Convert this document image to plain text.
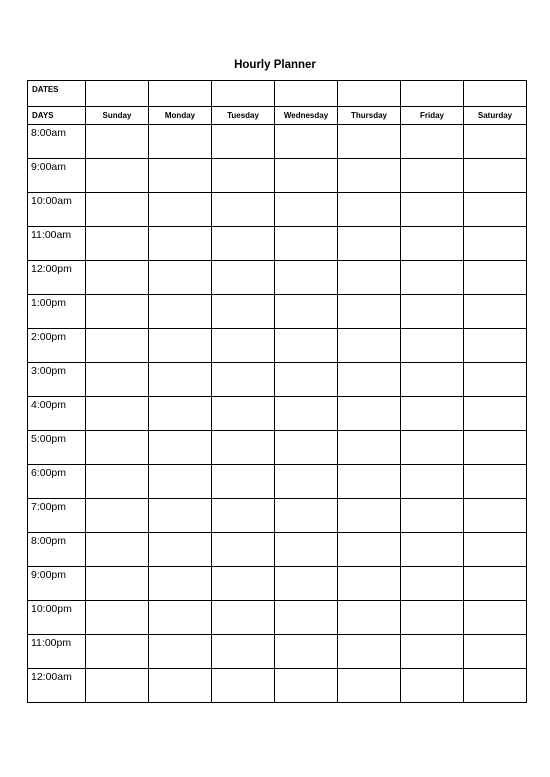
Hourly Planner
DATES							

DAYS	Sunday	Monday	Tuesday	Wednesday	Thursday	Friday	Saturday

8:00am							

9:00am							

10:00am							

11:00am							

12:00pm							

1:00pm							

2:00pm							

3:00pm							

4:00pm							

5:00pm							

6:00pm							

7:00pm							

8:00pm							

9:00pm							

10:00pm							

11:00pm							

12:00am							
